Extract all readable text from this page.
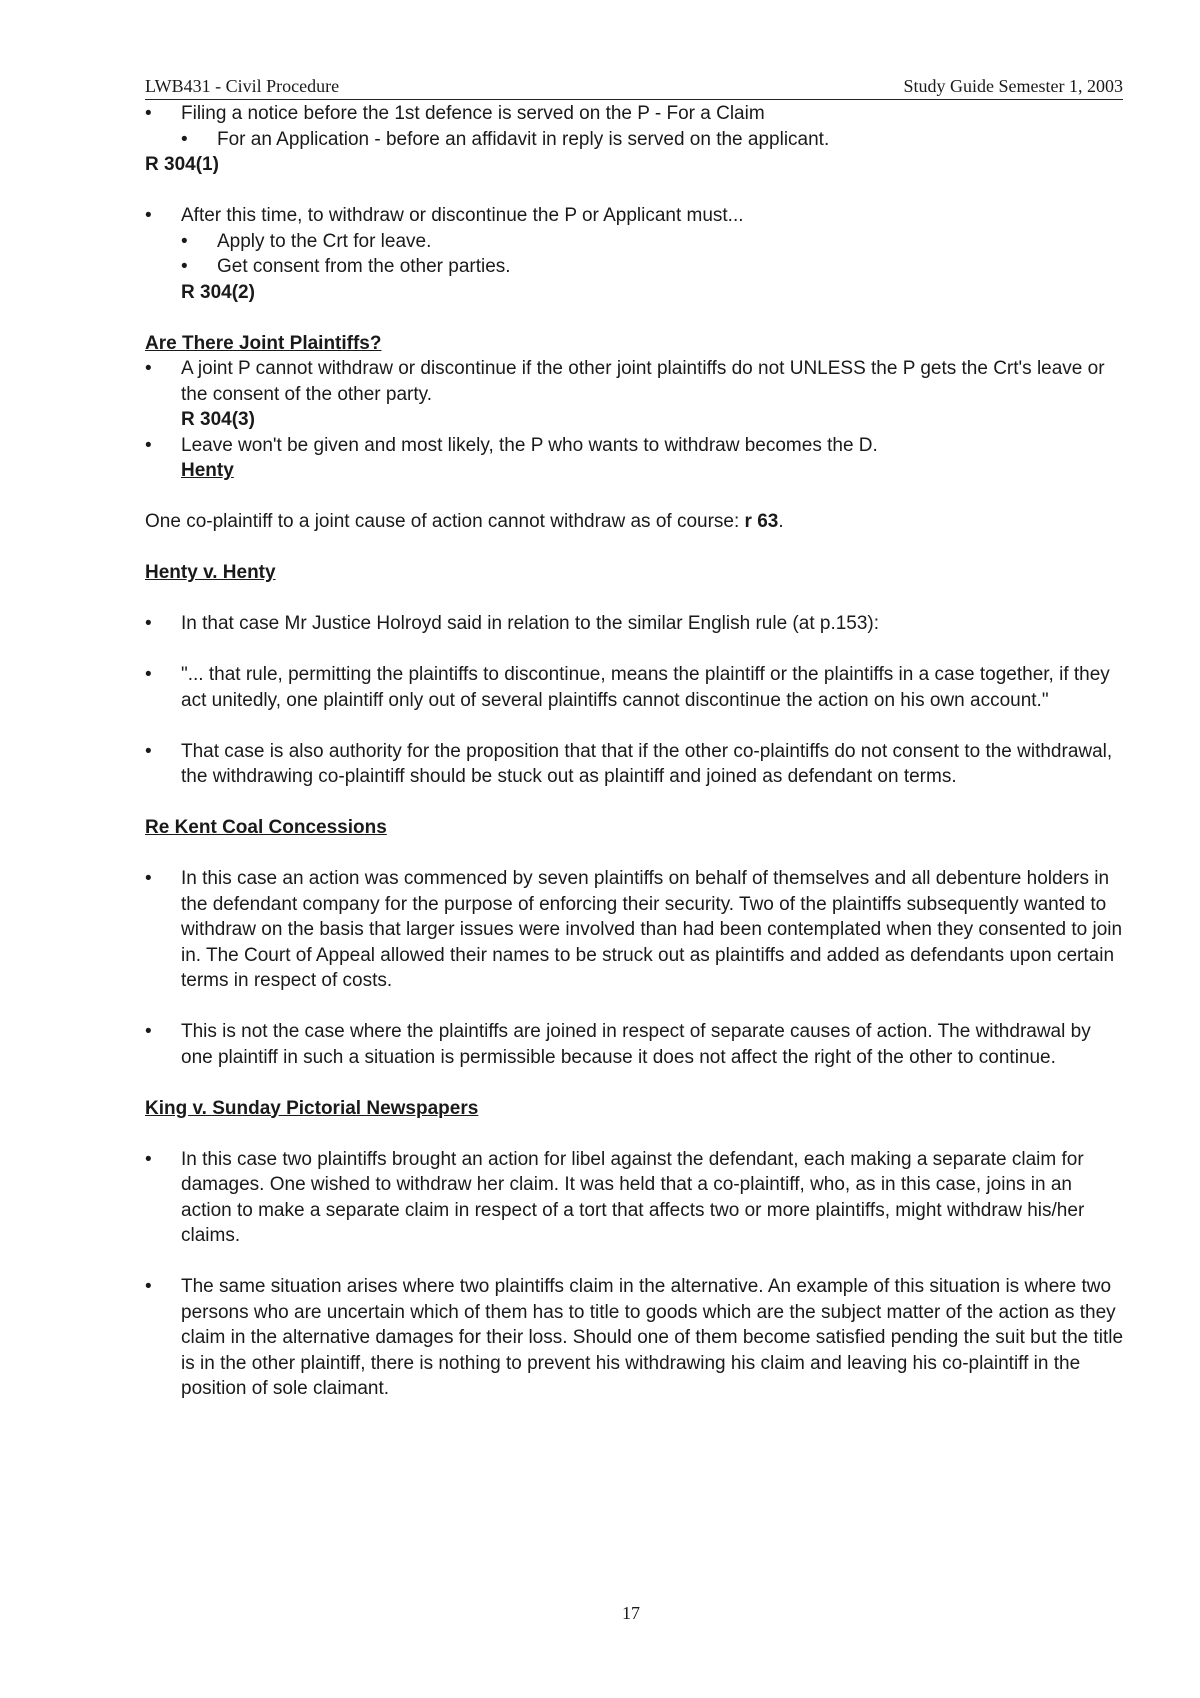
LWB431 - Civil Procedure	Study Guide Semester 1, 2003
•	Filing a notice before the 1st defence is served on the P - For a Claim
•	For an Application - before an affidavit in reply is served on the applicant.
R 304(1)
•	After this time, to withdraw or discontinue the P or Applicant must...
•	Apply to the Crt for leave.
•	Get consent from the other parties.
R 304(2)
Are There Joint Plaintiffs?
•	A joint P cannot withdraw or discontinue if the other joint plaintiffs do not UNLESS the P gets the Crt's leave or the consent of the other party.
R 304(3)
•	Leave won't be given and most likely, the P who wants to withdraw becomes the D.
Henty
One co-plaintiff to a joint cause of action cannot withdraw as of course: r 63.
Henty v. Henty
•	In that case Mr Justice Holroyd said in relation to the similar English rule (at p.153):
•	"... that rule, permitting the plaintiffs to discontinue, means the plaintiff or the plaintiffs in a case together, if they act unitedly, one plaintiff only out of several plaintiffs cannot discontinue the action on his own account."
•	That case is also authority for the proposition that that if the other co-plaintiffs do not consent to the withdrawal, the withdrawing co-plaintiff should be stuck out as plaintiff and joined as defendant on terms.
Re Kent Coal Concessions
•	In this case an action was commenced by seven plaintiffs on behalf of themselves and all debenture holders in the defendant company for the purpose of enforcing their security. Two of the plaintiffs subsequently wanted to withdraw on the basis that larger issues were involved than had been contemplated when they consented to join in. The Court of Appeal allowed their names to be struck out as plaintiffs and added as defendants upon certain terms in respect of costs.
•	This is not the case where the plaintiffs are joined in respect of separate causes of action. The withdrawal by one plaintiff in such a situation is permissible because it does not affect the right of the other to continue.
King v. Sunday Pictorial Newspapers
•	In this case two plaintiffs brought an action for libel against the defendant, each making a separate claim for damages. One wished to withdraw her claim. It was held that a co-plaintiff, who, as in this case, joins in an action to make a separate claim in respect of a tort that affects two or more plaintiffs, might withdraw his/her claims.
•	The same situation arises where two plaintiffs claim in the alternative. An example of this situation is where two persons who are uncertain which of them has to title to goods which are the subject matter of the action as they claim in the alternative damages for their loss. Should one of them become satisfied pending the suit but the title is in the other plaintiff, there is nothing to prevent his withdrawing his claim and leaving his co-plaintiff in the position of sole claimant.
17
